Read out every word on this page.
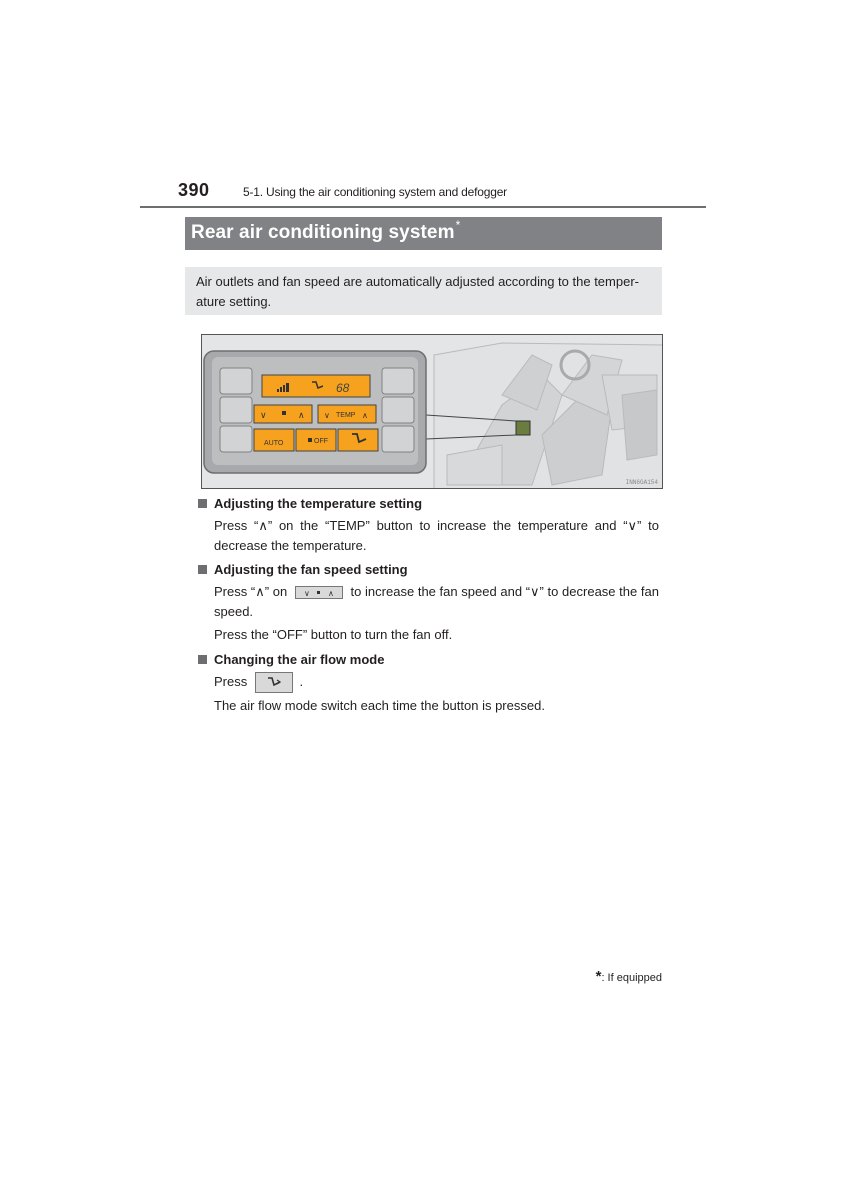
390	5-1. Using the air conditioning system and defogger
Rear air conditioning system*
Air outlets and fan speed are automatically adjusted according to the temper-ature setting.
68
∨	∧ ∨ TEMP ∧
AUTO	OFF
INN6GA154
Adjusting the temperature setting
Press “∧” on the “TEMP” button to increase the temperature and “∨” to decrease the temperature.
Adjusting the fan speed setting
Press “∧” on ∨ ∧ to increase the fan speed and “∨” to decrease the fan speed.
Press the “OFF” button to turn the fan off.
Changing the air flow mode
Press	.
The air flow mode switch each time the button is pressed.
*: If equipped
